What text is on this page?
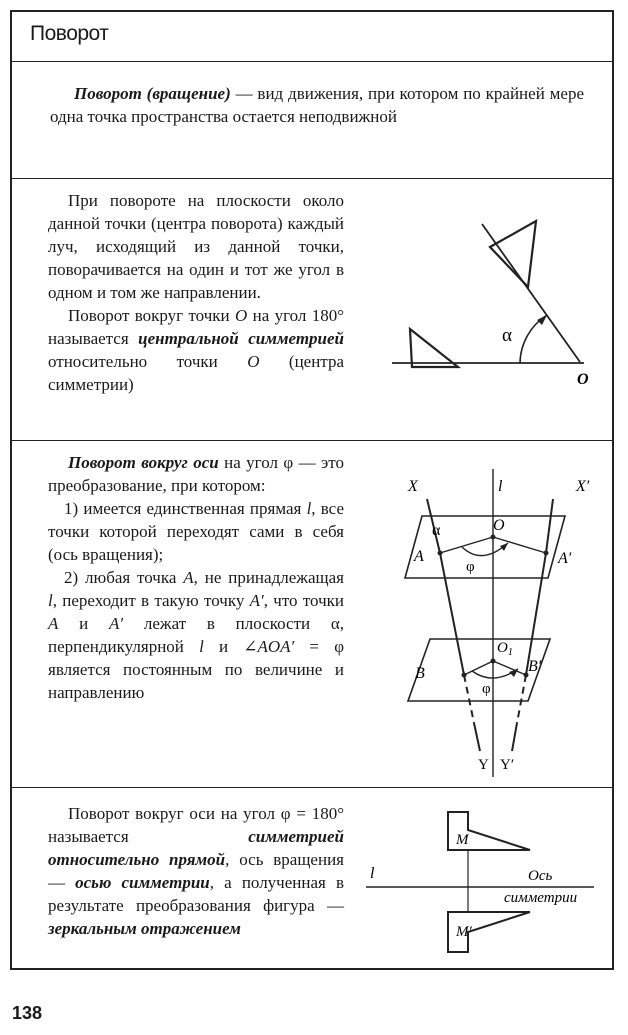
Поворот
Поворот (вращение) — вид движения, при котором по крайней мере одна точка пространства остается неподвижной

При повороте на плоскости около данной точки (центра поворота) каждый луч, исходящий из данной точки, поворачивается на один и тот же угол в одном и том же направлении.

Поворот вокруг точки O на угол 180° называется центральной симметрией относительно точки O (центра симметрии)

α
O

Поворот вокруг оси на угол φ — это преобразование, при котором:

1) имеется единственная прямая l, все точки которой переходят сами в себя (ось вращения);

2) любая точка A, не принадлежащая l, переходит в такую точку A′, что точки A и A′ лежат в плоскости α, перпендикулярной l и ∠AOA′ = φ является постоянным по величине и направлению

X	l	X′
α	O
A	A′
φ
$O_1$
B	B′
φ
Y Y′

Поворот вокруг оси на угол φ = 180° называется симметрией относительно прямой, ось вращения — осью симметрии, а полученная в результате преобразования фигура — зеркальным отражением

l
M
M′
Ось
симметрии
138
